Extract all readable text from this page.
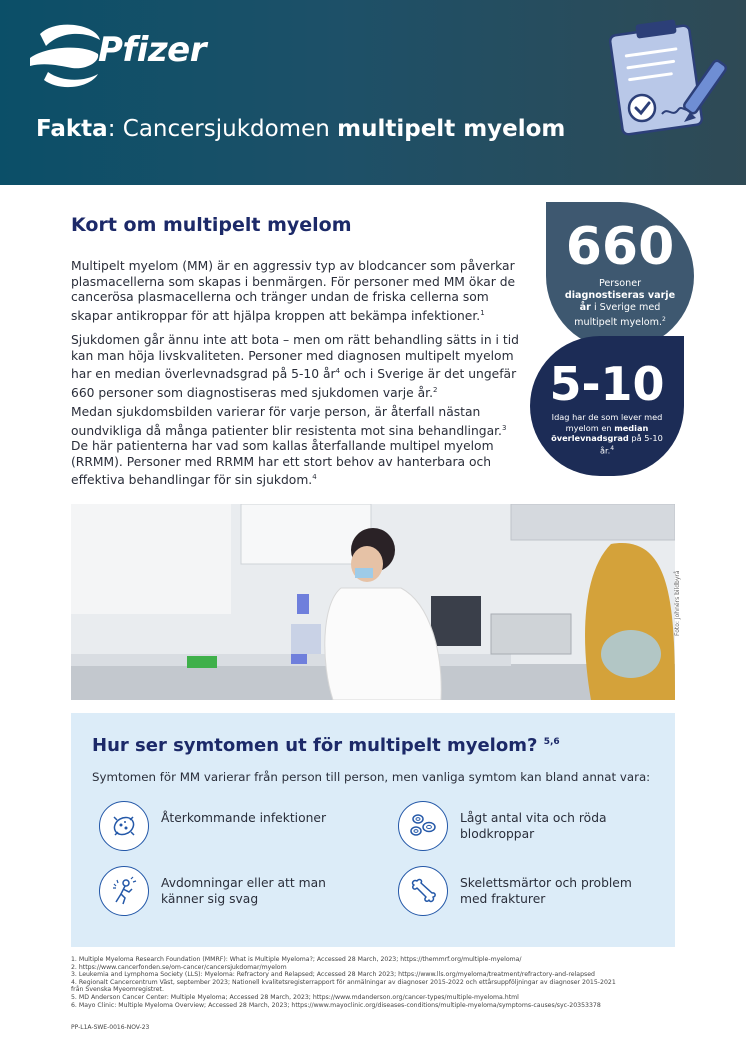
Pfizer
Fakta: Cancersjukdomen multipelt myelom
Kort om multipelt myelom

Multipelt myelom (MM) är en aggressiv typ av blodcancer som påverkar plasmacellerna som skapas i benmärgen. För personer med MM ökar de cancerösa plasmacellerna och tränger undan de friska cellerna som skapar antikroppar för att hjälpa kroppen att bekämpa infektioner.$^1$

Sjukdomen går ännu inte att bota – men om rätt behandling sätts in i tid kan man höja livskvaliteten. Personer med diagnosen multipelt myelom har en median överlevnadsgrad på 5-10 $år^4$ och i Sverige är det ungefär 660 personer som diagnostiseras med sjukdomen varje år.$^2$

Medan sjukdomsbilden varierar för varje person, är återfall nästan oundvikliga då många patienter blir resistenta mot sina behandlingar.$^3$ De här patienterna har vad som kallas återfallande multipel myelom (RRMM). Personer med RRMM har ett stort behov av hanterbara och effektiva behandlingar för sin sjukdom.$^4$

660
Personer diagnostiseras varje år i Sverige med multipelt myelom.$^2$
5-10
Idag har de som lever med myelom en median överlevnadsgrad på 5-10 år.$^4$
Foto: Johnérs bildbyrå
Hur ser symtomen ut för multipelt myelom? $^{5,6}$
Symtomen för MM varierar från person till person, men vanliga symtom kan bland annat vara:
Återkommande infektioner	Lågt antal vita och röda blodkroppar
Avdomningar eller att man känner sig svag
Skelettsmärtor och problem med frakturer
1. Multiple Myeloma Research Foundation (MMRF): What is Multiple Myeloma?; Accessed 28 March, 2023; https://themmrf.org/multiple-myeloma/
2. https://www.cancerfonden.se/om-cancer/cancersjukdomar/myelom
3. Leukemia and Lymphoma Society (LLS): Myeloma: Refractory and Relapsed; Accessed 28 March 2023; https://www.lls.org/myeloma/treatment/refractory-and-relapsed
4. Regionalt Cancercentrum Väst, september 2023; Nationell kvalitetsregisterrapport för anmälningar av diagnoser 2015-2022 och ettårsuppföljningar av diagnoser 2015-2021
från Svenska Myeomregistret.
5. MD Anderson Cancer Center: Multiple Myeloma; Accessed 28 March, 2023; https://www.mdanderson.org/cancer-types/multiple-myeloma.html
6. Mayo Clinic: Multiple Myeloma Overview; Accessed 28 March, 2023; https://www.mayoclinic.org/diseases-conditions/multiple-myeloma/symptoms-causes/syc-20353378
PP-L1A-SWE-0016-NOV-23
